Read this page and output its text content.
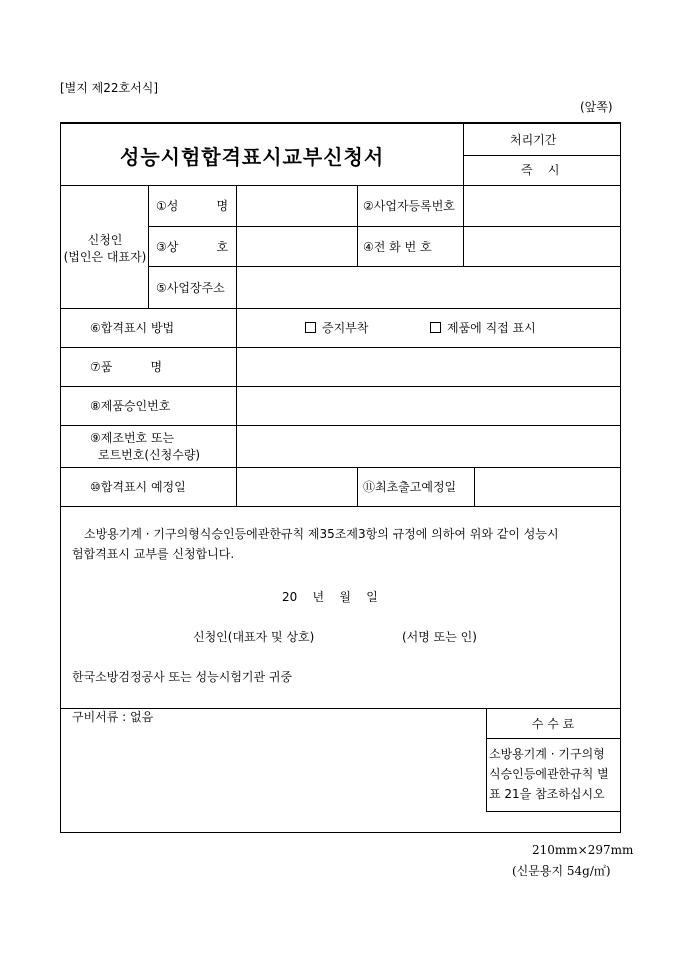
[별지 제22호서식]
(앞쪽)
성능시험합격표시교부신청서
처리기간
즉    시
신청인
(법인은 대표자)
①성          명	②사업자등록번호
③상          호	④전 화 번 호
⑤사업장주소
⑥합격표시 방법	증지부착	제품에 직접 표시
⑦품          명
⑧제품승인번호
⑨제조번호 또는
로트번호(신청수량)
⑩합격표시 예정일	⑪최초출고예정일
소방용기계 · 기구의형식승인등에관한규칙 제35조제3항의 규정에 의하여 위와 같이 성능시
험합격표시 교부를 신청합니다.
20    년    월    일
신청인(대표자 및 상호)	(서명 또는 인)
한국소방검정공사 또는 성능시험기관 귀중
구비서류 : 없음	수 수 료
소방용기계 · 기구의형
식승인등에관한규칙 별
표 21을 참조하십시오
210mm×297mm
(신문용지 54g/㎡)
